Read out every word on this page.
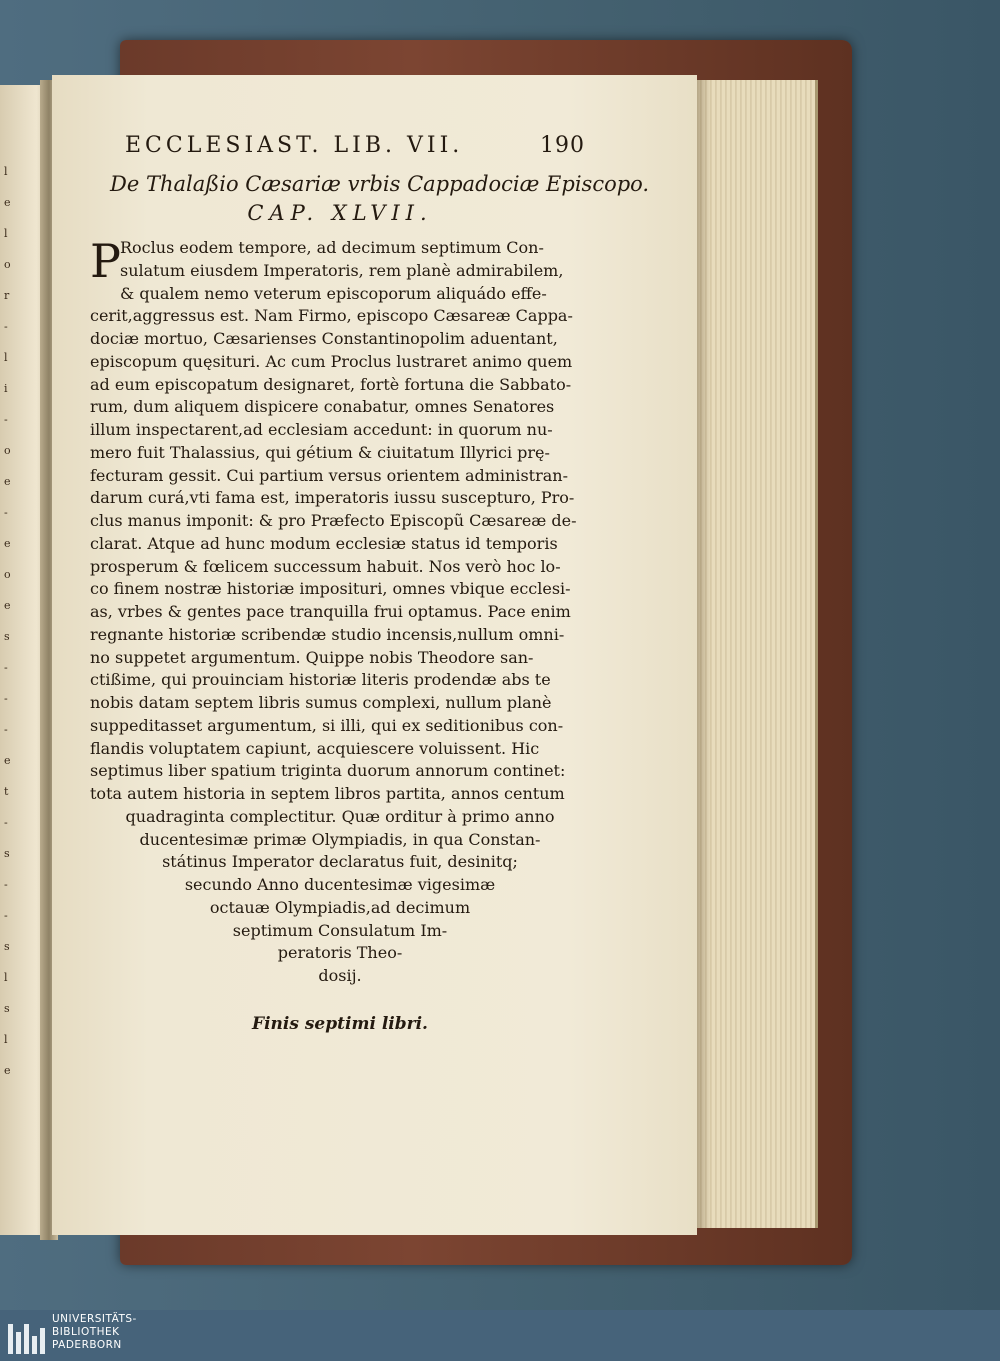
l
e
l
o
r
-
l
i
-
o
e
-
e
o
e
s
-
-
-
e
t
-
s
-
-
s
l
s
l
e
ECCLESIAST. LIB. VII.	190
De Thalaßio Cæsariæ vrbis Cappadociæ Episcopo.
CAP. XLVII.
P Roclus eodem tempore, ad decimum septimum Con-
sulatum eiusdem Imperatoris, rem planè admirabilem,
& qualem nemo veterum episcoporum aliquádo effe-
cerit,aggressus est. Nam Firmo, episcopo Cæsareæ Cappa-
dociæ mortuo, Cæsarienses Constantinopolim aduentant,
episcopum quęsituri. Ac cum Proclus lustraret animo quem
ad eum episcopatum designaret, fortè fortuna die Sabbato-
rum, dum aliquem dispicere conabatur, omnes Senatores
illum inspectarent,ad ecclesiam accedunt: in quorum nu-
mero fuit Thalassius, qui gétium & ciuitatum Illyrici prę-
fecturam gessit. Cui partium versus orientem administran-
darum curá,vti fama est, imperatoris iussu suscepturo, Pro-
clus manus imponit: & pro Præfecto Episcopũ Cæsareæ de-
clarat. Atque ad hunc modum ecclesiæ status id temporis
prosperum & fœlicem successum habuit. Nos verò hoc lo-
co finem nostræ historiæ imposituri, omnes vbique ecclesi-
as, vrbes & gentes pace tranquilla frui optamus. Pace enim
regnante historiæ scribendæ studio incensis,nullum omni-
no suppetet argumentum. Quippe nobis Theodore san-
ctißime, qui prouinciam historiæ literis prodendæ abs te
nobis datam septem libris sumus complexi, nullum planè
suppeditasset argumentum, si illi, qui ex seditionibus con-
flandis voluptatem capiunt, acquiescere voluissent. Hic
septimus liber spatium triginta duorum annorum continet:
tota autem historia in septem libros partita, annos centum
quadraginta complectitur. Quæ orditur à primo anno
ducentesimæ primæ Olympiadis, in qua Constan-
státinus Imperator declaratus fuit, desinitq;
secundo Anno ducentesimæ vigesimæ
octauæ Olympiadis,ad decimum
septimum Consulatum Im-
peratoris Theo-
dosij.
Finis septimi libri.
UNIVERSITÄTS-
BIBLIOTHEK
PADERBORN
